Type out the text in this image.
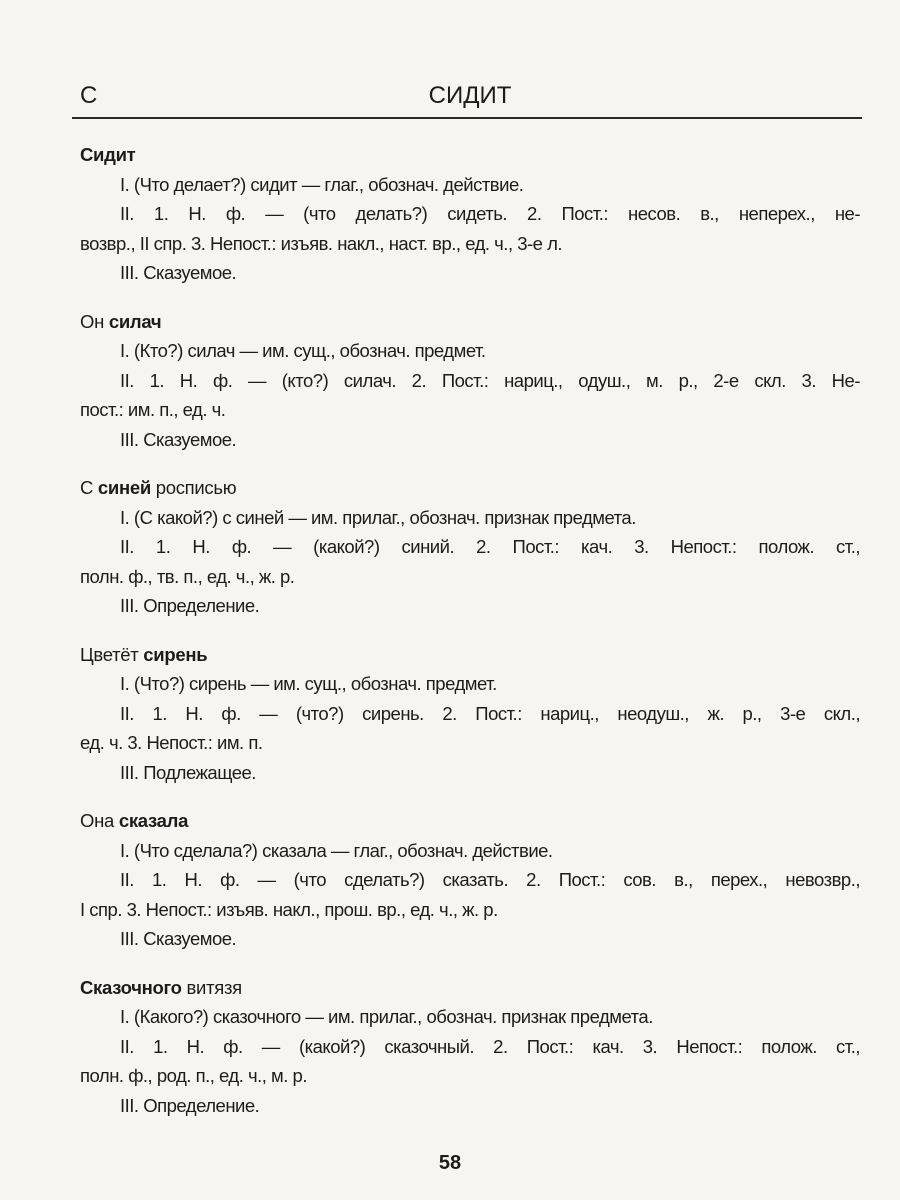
С	СИДИТ
Сидит
I. (Что делает?) сидит — глаг., обознач. действие.
II. 1. Н. ф. — (что делать?) сидеть. 2. Пост.: несов. в., неперех., не-
возвр., II спр. 3. Непост.: изъяв. накл., наст. вр., ед. ч., 3-е л.
III. Сказуемое.
Он силач
I. (Кто?) силач — им. сущ., обознач. предмет.
II. 1. Н. ф. — (кто?) силач. 2. Пост.: нариц., одуш., м. р., 2-е скл. 3. Не-
пост.: им. п., ед. ч.
III. Сказуемое.
С синей росписью
I. (С какой?) с синей — им. прилаг., обознач. признак предмета.
II. 1. Н. ф. — (какой?) синий. 2. Пост.: кач. 3. Непост.: полож. ст.,
полн. ф., тв. п., ед. ч., ж. р.
III. Определение.
Цветёт сирень
I. (Что?) сирень — им. сущ., обознач. предмет.
II. 1. Н. ф. — (что?) сирень. 2. Пост.: нариц., неодуш., ж. р., 3-е скл.,
ед. ч. 3. Непост.: им. п.
III. Подлежащее.
Она сказала
I. (Что сделала?) сказала — глаг., обознач. действие.
II. 1. Н. ф. — (что сделать?) сказать. 2. Пост.: сов. в., перех., невозвр.,
I спр. 3. Непост.: изъяв. накл., прош. вр., ед. ч., ж. р.
III. Сказуемое.
Сказочного витязя
I. (Какого?) сказочного — им. прилаг., обознач. признак предмета.
II. 1. Н. ф. — (какой?) сказочный. 2. Пост.: кач. 3. Непост.: полож. ст.,
полн. ф., род. п., ед. ч., м. р.
III. Определение.
58
